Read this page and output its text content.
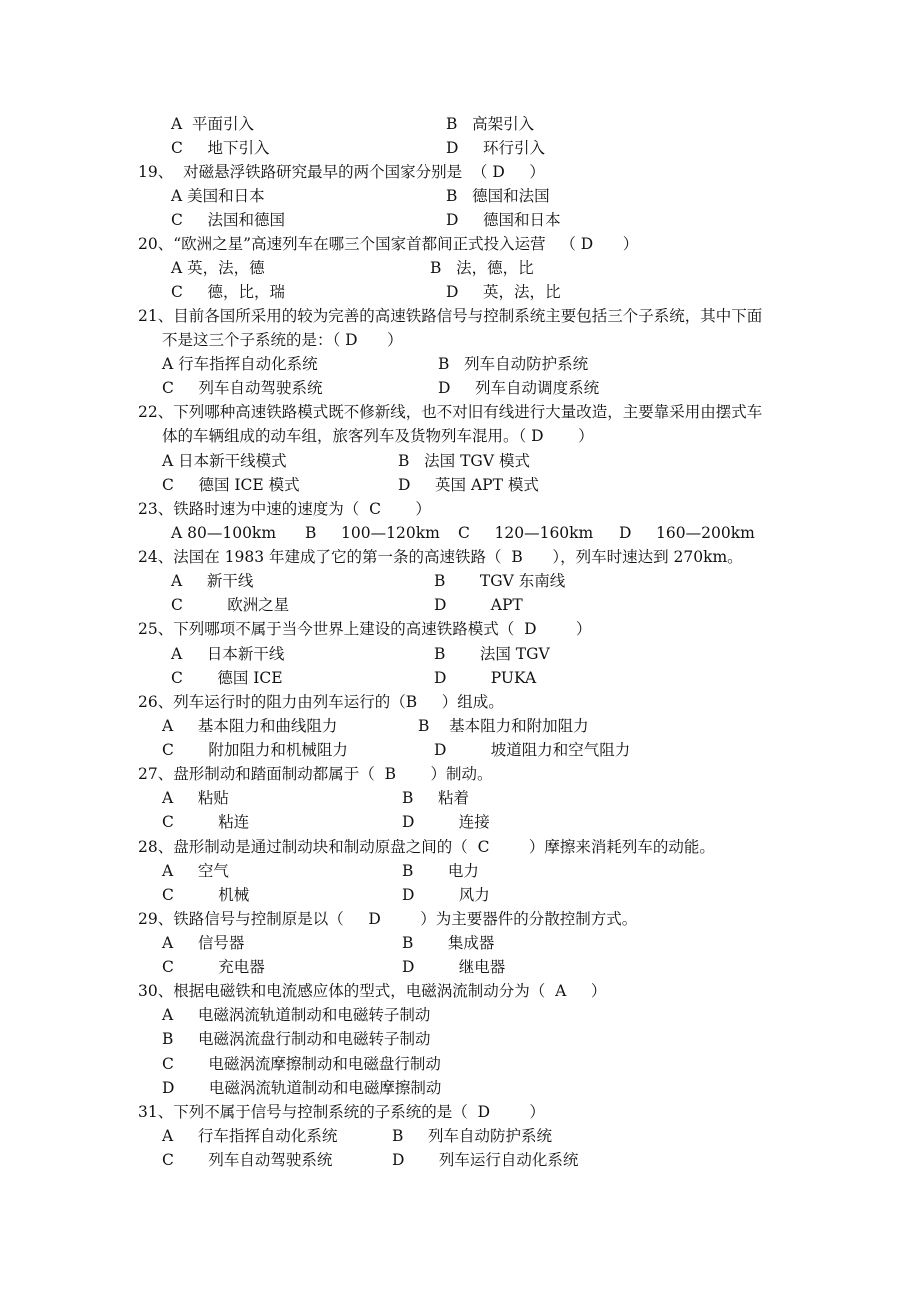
A  平面引入	B   高架引入
C     地下引入	D     环行引入
19、  对磁悬浮铁路研究最早的两个国家分别是  （ D     ）
A 美国和日本	B   德国和法国
C     法国和德国	D     德国和日本
20、“欧洲之星”高速列车在哪三个国家首都间正式投入运营   （ D      ）
A 英，法，德	B   法，德，比
C     德，比，瑞	D     英，法，比
21、目前各国所采用的较为完善的高速铁路信号与控制系统主要包括三个子系统，其中下面
不是这三个子系统的是：（ D      ）
A 行车指挥自动化系统	B   列车自动防护系统
C     列车自动驾驶系统	D     列车自动调度系统
22、下列哪种高速铁路模式既不修新线，也不对旧有线进行大量改造，主要靠采用由摆式车
体的车辆组成的动车组，旅客列车及货物列车混用。（ D       ）
A 日本新干线模式	B   法国 TGV 模式
C     德国 ICE 模式	D     英国 APT 模式
23、铁路时速为中速的速度为（  C       ）
A 80—100km B     100—120km C     120—160km D     160—200km
24、法国在 1983 年建成了它的第一条的高速铁路（  B      ），列车时速达到 270km。
A     新干线	B       TGV 东南线
C         欧洲之星	D         APT
25、下列哪项不属于当今世界上建设的高速铁路模式（  D        ）
A     日本新干线	B       法国 TGV
C       德国 ICE	D         PUKA
26、列车运行时的阻力由列车运行的（B     ）组成。
A     基本阻力和曲线阻力	B    基本阻力和附加阻力
C       附加阻力和机械阻力	D         坡道阻力和空气阻力
27、盘形制动和踏面制动都属于（  B       ）制动。
A     粘贴	B     粘着
C         粘连	D         连接
28、盘形制动是通过制动块和制动原盘之间的（  C        ）摩擦来消耗列车的动能。
A     空气	B       电力
C         机械	D         风力
29、铁路信号与控制原是以（     D        ）为主要器件的分散控制方式。
A     信号器	B       集成器
C         充电器	D         继电器
30、根据电磁铁和电流感应体的型式，电磁涡流制动分为（  A     ）
A     电磁涡流轨道制动和电磁转子制动
B     电磁涡流盘行制动和电磁转子制动
C       电磁涡流摩擦制动和电磁盘行制动
D       电磁涡流轨道制动和电磁摩擦制动
31、下列不属于信号与控制系统的子系统的是（  D        ）
A     行车指挥自动化系统	B     列车自动防护系统
C       列车自动驾驶系统	D       列车运行自动化系统
